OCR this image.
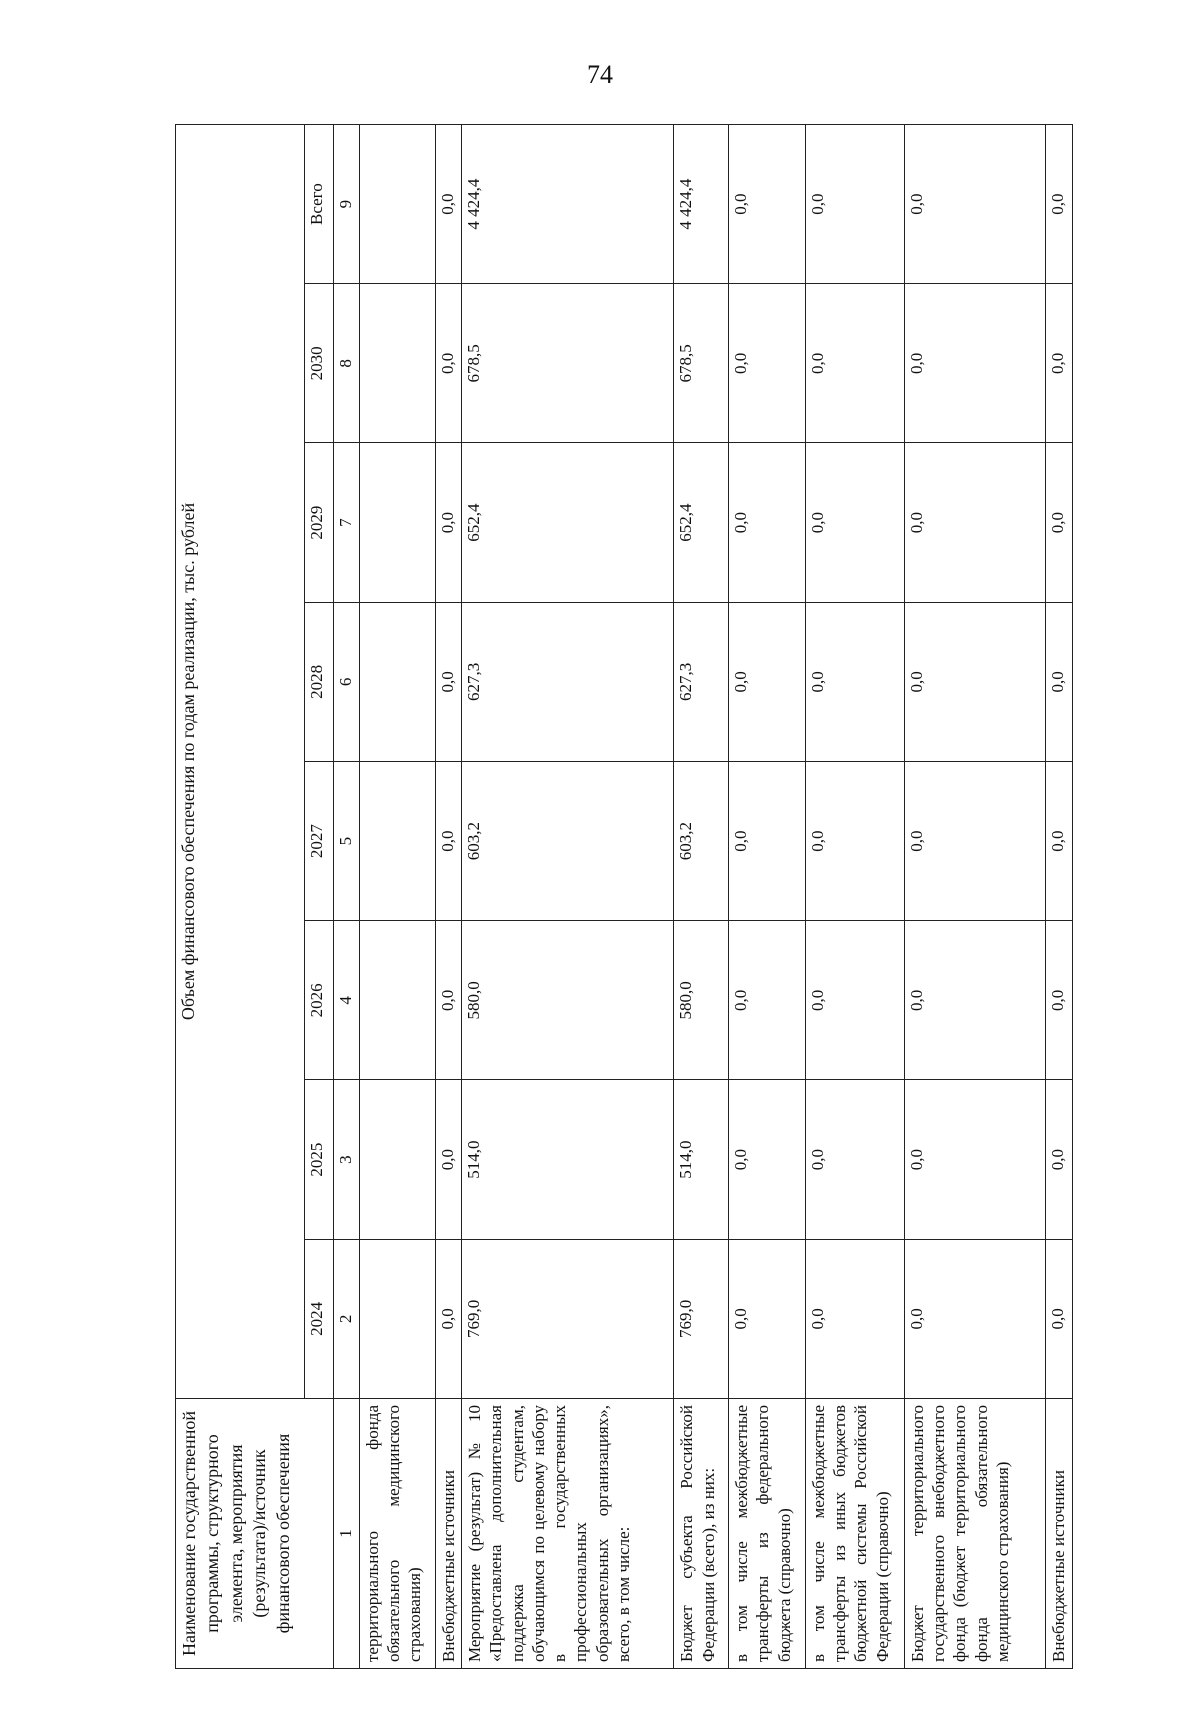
74
Наименование государственной программы, структурного элемента, мероприятия (результата)/источник финансового обеспечения	Объем финансового обеспечения по годам реализации, тыс. рублей							
	2024	2025	2026	2027	2028	2029	2030	Всего
1	2	3	4	5	6	7	8	9
территориального фонда обязательного медицинского страхования)								
Внебюджетные источники	0,0	0,0	0,0	0,0	0,0	0,0	0,0	0,0
Мероприятие (результат) № 10 «Предоставлена дополнительная поддержка студентам, обучающимся по целевому набору в государственных профессиональных образовательных организациях», всего, в том числе:	769,0	514,0	580,0	603,2	627,3	652,4	678,5	4 424,4
Бюджет субъекта Российской Федерации (всего), из них:	769,0	514,0	580,0	603,2	627,3	652,4	678,5	4 424,4
в том числе межбюджетные трансферты из федерального бюджета (справочно)	0,0	0,0	0,0	0,0	0,0	0,0	0,0	0,0
в том числе межбюджетные трансферты из иных бюджетов бюджетной системы Российской Федерации (справочно)	0,0	0,0	0,0	0,0	0,0	0,0	0,0	0,0
Бюджет территориального государственного внебюджетного фонда (бюджет территориального фонда обязательного медицинского страхования)	0,0	0,0	0,0	0,0	0,0	0,0	0,0	0,0
Внебюджетные источники	0,0	0,0	0,0	0,0	0,0	0,0	0,0	0,0
